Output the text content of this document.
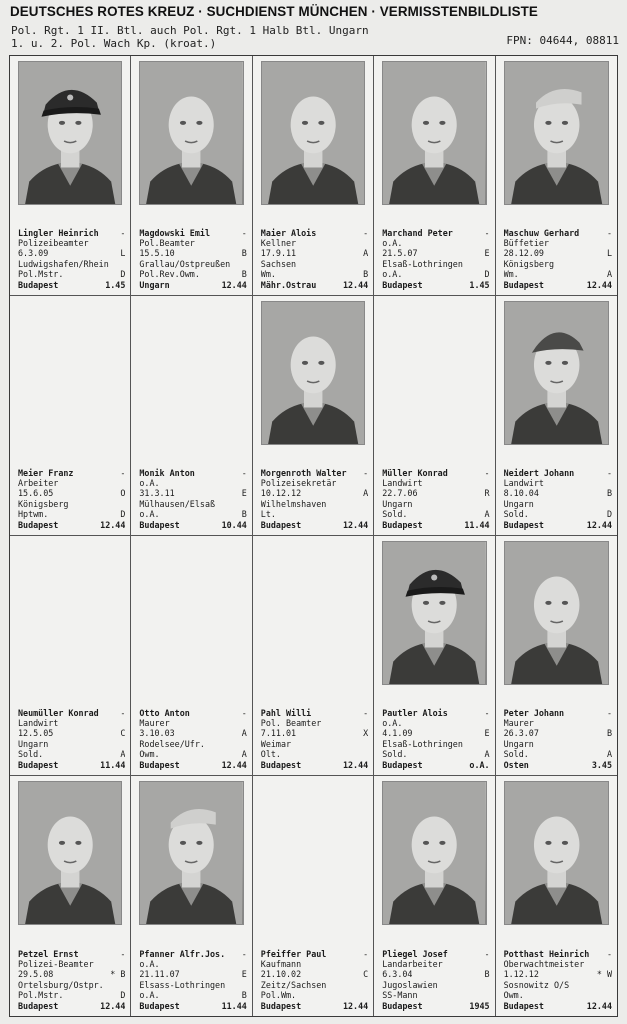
DEUTSCHES ROTES KREUZ · SUCHDIENST MÜNCHEN · VERMISSTENBILDLISTE
Pol. Rgt. 1 II. Btl. auch Pol. Rgt. 1 Halb Btl. Ungarn
1. u. 2. Pol. Wach Kp. (kroat.)	FPN: 04644, 08811
Lingler Heinrich	-
Polizeibeamter
6.3.09	L
Ludwigshafen/Rhein
Pol.Mstr.	D
Budapest	1.45
Magdowski Emil	-
Pol.Beamter
15.5.10	B
Grallau/Ostpreußen
Pol.Rev.Owm.	B
Ungarn	12.44
Maier Alois	-
Kellner
17.9.11	A
Sachsen
Wm.	B
Mähr.Ostrau	12.44
Marchand Peter	-
o.A.
21.5.07	E
Elsaß-Lothringen
o.A.	D
Budapest	1.45
Maschuw Gerhard	-
Büffetier
28.12.09	L
Königsberg
Wm.	A
Budapest	12.44
Meier Franz	-
Arbeiter
15.6.05	O
Königsberg
Hptwm.	D
Budapest	12.44
Monik Anton	-
o.A.
31.3.11	E
Mülhausen/Elsaß
o.A.	B
Budapest	10.44
Morgenroth Walter -
Polizeisekretär
10.12.12	A
Wilhelmshaven
Lt.
Budapest	12.44
Müller Konrad	-
Landwirt
22.7.06	R
Ungarn
Sold.	A
Budapest	11.44
Neidert Johann	-
Landwirt
8.10.04	B
Ungarn
Sold.	D
Budapest	12.44
Neumüller Konrad	-
Landwirt
12.5.05	C
Ungarn
Sold.	A
Budapest	11.44
Otto Anton	-
Maurer
3.10.03	A
Rodelsee/Ufr.
Owm.	A
Budapest	12.44
Pahl Willi	-
Pol. Beamter
7.11.01	X
Weimar
Olt.
Budapest	12.44
Pautler Alois	-
o.A.
4.1.09	E
Elsaß-Lothringen
Sold.	A
Budapest	o.A.
Peter Johann	-
Maurer
26.3.07	B
Ungarn
Sold.	A
Osten	3.45
Petzel Ernst	-
Polizei-Beamter
29.5.08	* B
Ortelsburg/Ostpr.
Pol.Mstr.	D
Budapest	12.44
Pfanner Alfr.Jos. -
o.A.
21.11.07	E
Elsass-Lothringen
o.A.	B
Budapest	11.44
Pfeiffer Paul	-
Kaufmann
21.10.02	C
Zeitz/Sachsen
Pol.Wm.
Budapest	12.44
Pliegel Josef	-
Landarbeiter
6.3.04	B
Jugoslawien
SS-Mann
Budapest	1945
Potthast Heinrich -
Oberwachtmeister
1.12.12	* W
Sosnowitz O/S
Owm.
Budapest	12.44
